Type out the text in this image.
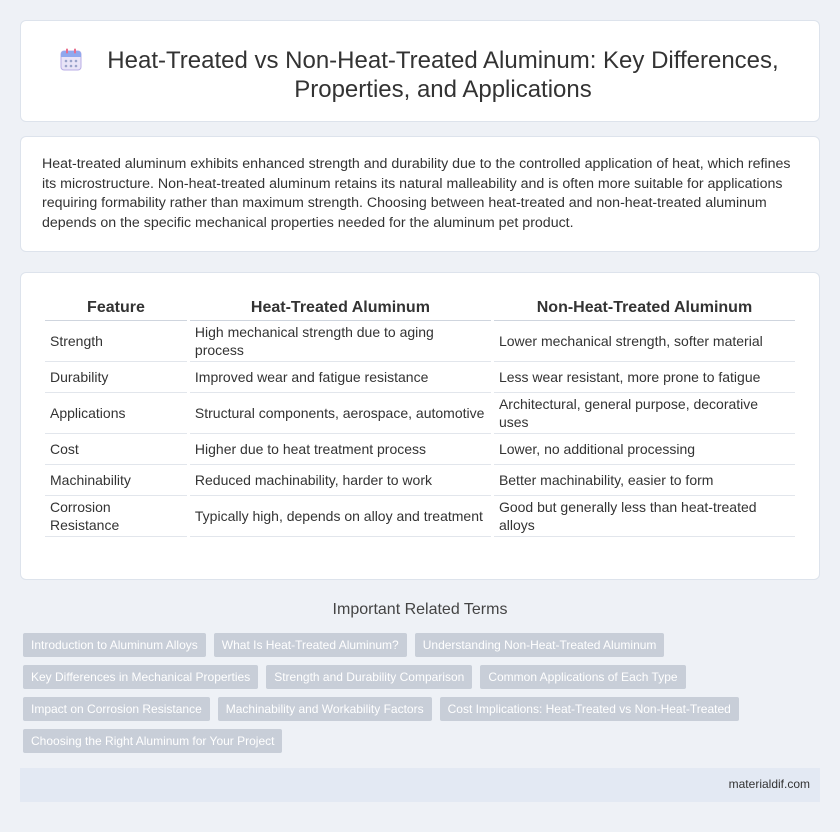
Heat-Treated vs Non-Heat-Treated Aluminum: Key Differences, Properties, and Applications
Heat-treated aluminum exhibits enhanced strength and durability due to the controlled application of heat, which refines its microstructure. Non-heat-treated aluminum retains its natural malleability and is often more suitable for applications requiring formability rather than maximum strength. Choosing between heat-treated and non-heat-treated aluminum depends on the specific mechanical properties needed for the aluminum pet product.
Feature	Heat-Treated Aluminum	Non-Heat-Treated Aluminum
Strength	High mechanical strength due to aging process	Lower mechanical strength, softer material
Durability	Improved wear and fatigue resistance	Less wear resistant, more prone to fatigue
Applications	Structural components, aerospace, automotive	Architectural, general purpose, decorative uses
Cost	Higher due to heat treatment process	Lower, no additional processing
Machinability	Reduced machinability, harder to work	Better machinability, easier to form
Corrosion Resistance	Typically high, depends on alloy and treatment	Good but generally less than heat-treated alloys
Important Related Terms
Introduction to Aluminum Alloys	What Is Heat-Treated Aluminum?	Understanding Non-Heat-Treated Aluminum
Key Differences in Mechanical Properties	Strength and Durability Comparison	Common Applications of Each Type
Impact on Corrosion Resistance	Machinability and Workability Factors	Cost Implications: Heat-Treated vs Non-Heat-Treated
Choosing the Right Aluminum for Your Project
materialdif.com
